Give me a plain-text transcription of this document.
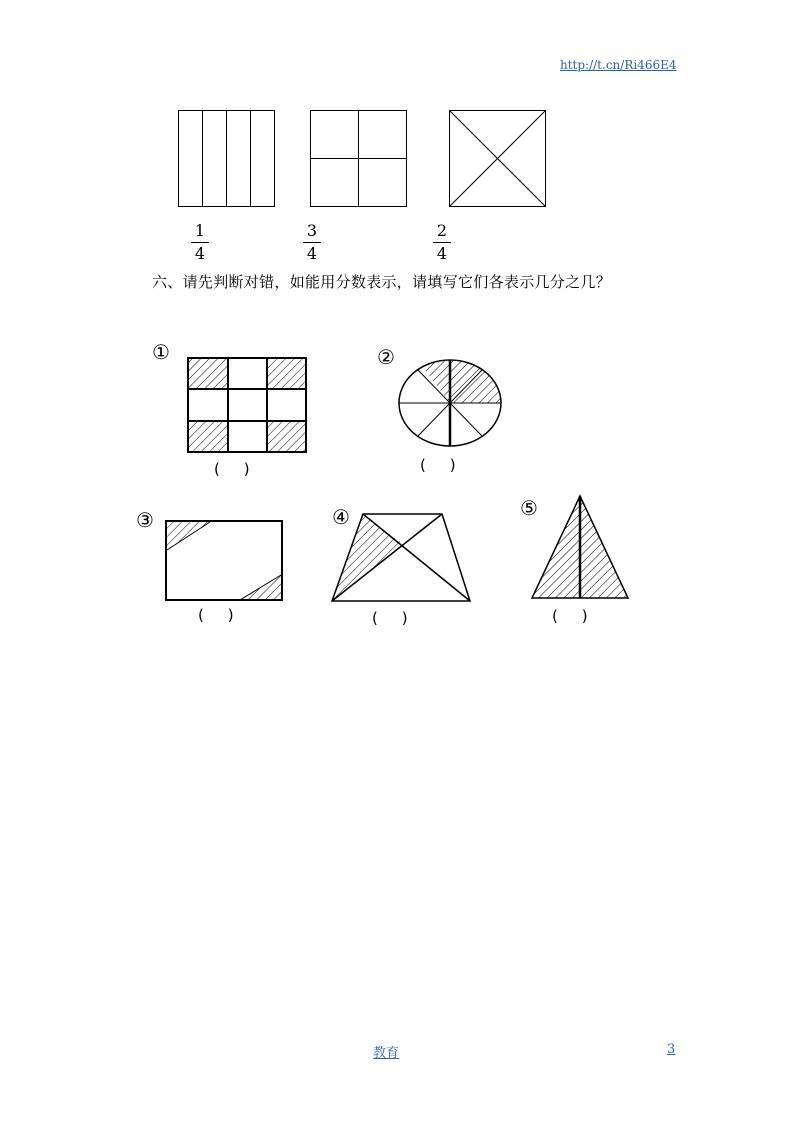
http://t.cn/Ri466E4
1
4
3
4
2
4
六、请先判断对错，如能用分数表示，请填写它们各表示几分之几？
①	②
③	④	⑤
(     )	(     )
(     )	(     )	(     )
教育	3
